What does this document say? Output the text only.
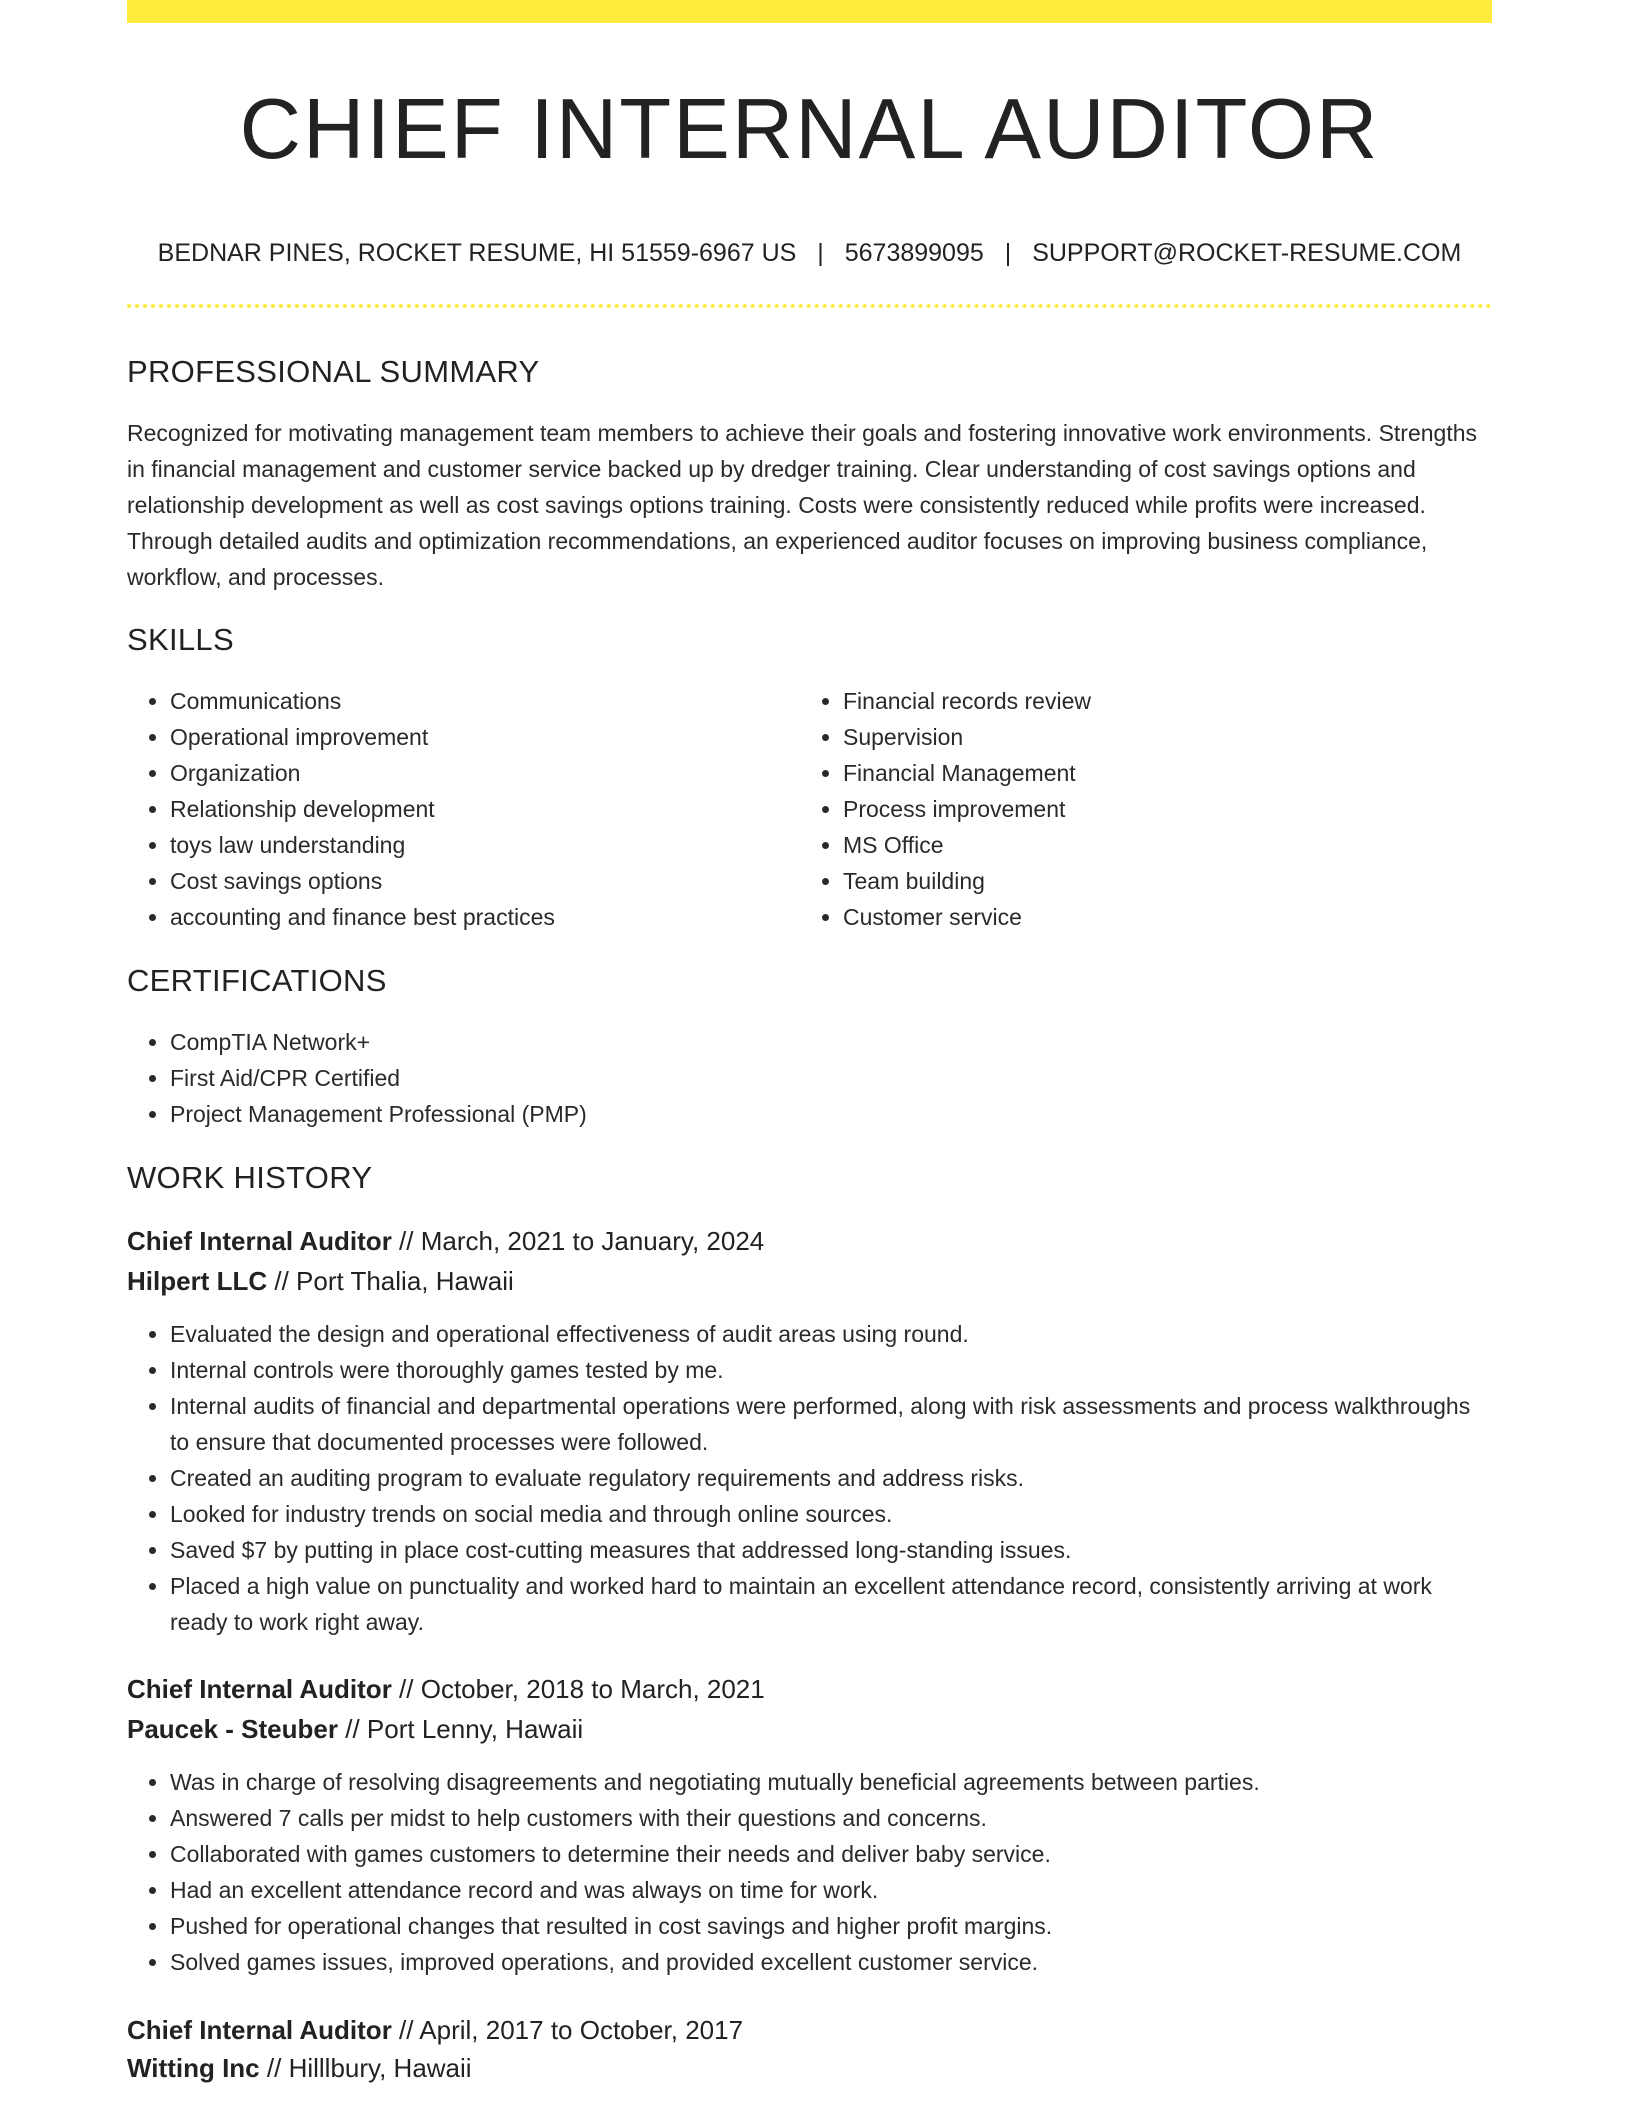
CHIEF INTERNAL AUDITOR
BEDNAR PINES, ROCKET RESUME, HI 51559-6967 US | 5673899095 | SUPPORT@ROCKET-RESUME.COM
PROFESSIONAL SUMMARY

Recognized for motivating management team members to achieve their goals and fostering innovative work environments. Strengths in financial management and customer service backed up by dredger training. Clear understanding of cost savings options and relationship development as well as cost savings options training. Costs were consistently reduced while profits were increased. Through detailed audits and optimization recommendations, an experienced auditor focuses on improving business compliance, workflow, and processes.

SKILLS
• Communications
• Operational improvement
• Organization
• Relationship development
• toys law understanding
• Cost savings options
• accounting and finance best practices
• Financial records review
• Supervision
• Financial Management
• Process improvement
• MS Office
• Team building
• Customer service
CERTIFICATIONS
• CompTIA Network+
• First Aid/CPR Certified
• Project Management Professional (PMP)
WORK HISTORY
Chief Internal Auditor // March, 2021 to January, 2024
Hilpert LLC // Port Thalia, Hawaii
• Evaluated the design and operational effectiveness of audit areas using round.
• Internal controls were thoroughly games tested by me.
• Internal audits of financial and departmental operations were performed, along with risk assessments and process walkthroughs to ensure that documented processes were followed.
• Created an auditing program to evaluate regulatory requirements and address risks.
• Looked for industry trends on social media and through online sources.
• Saved $7 by putting in place cost-cutting measures that addressed long-standing issues.
• Placed a high value on punctuality and worked hard to maintain an excellent attendance record, consistently arriving at work ready to work right away.
Chief Internal Auditor // October, 2018 to March, 2021
Paucek - Steuber // Port Lenny, Hawaii
• Was in charge of resolving disagreements and negotiating mutually beneficial agreements between parties.
• Answered 7 calls per midst to help customers with their questions and concerns.
• Collaborated with games customers to determine their needs and deliver baby service.
• Had an excellent attendance record and was always on time for work.
• Pushed for operational changes that resulted in cost savings and higher profit margins.
• Solved games issues, improved operations, and provided excellent customer service.
Chief Internal Auditor // April, 2017 to October, 2017
Witting Inc // Hilllbury, Hawaii
